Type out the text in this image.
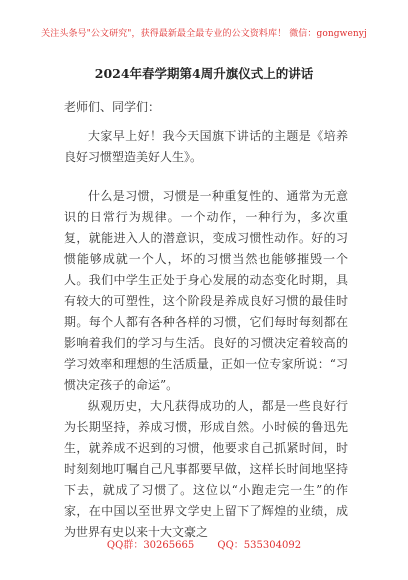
关注头条号"公文研究"，获得最新最全最专业的公文资料库！ 微信：gongwenyj
2024年春学期第4周升旗仪式上的讲话
老师们、同学们：

大家早上好！我今天国旗下讲话的主题是《培养良好习惯塑造美好人生》。

什么是习惯，习惯是一种重复性的、通常为无意识的日常行为规律。一个动作，一种行为，多次重复，就能进入人的潜意识，变成习惯性动作。好的习惯能够成就一个人，坏的习惯当然也能够摧毁一个人。我们中学生正处于身心发展的动态变化时期，具有较大的可塑性，这个阶段是养成良好习惯的最佳时期。每个人都有各种各样的习惯，它们每时每刻都在影响着我们的学习与生活。良好的习惯决定着较高的学习效率和理想的生活质量，正如一位专家所说：“习惯决定孩子的命运”。

纵观历史，大凡获得成功的人，都是一些良好行为长期坚持，养成习惯，形成自然。小时候的鲁迅先生，就养成不迟到的习惯，他要求自己抓紧时间，时时刻刻地叮嘱自己凡事都要早做，这样长时间地坚持下去，就成了习惯了。这位以“小跑走完一生”的作家，在中国以至世界文学史上留下了辉煌的业绩，成为世界有史以来十大文豪之

QQ群：30265665 QQ：535304092
